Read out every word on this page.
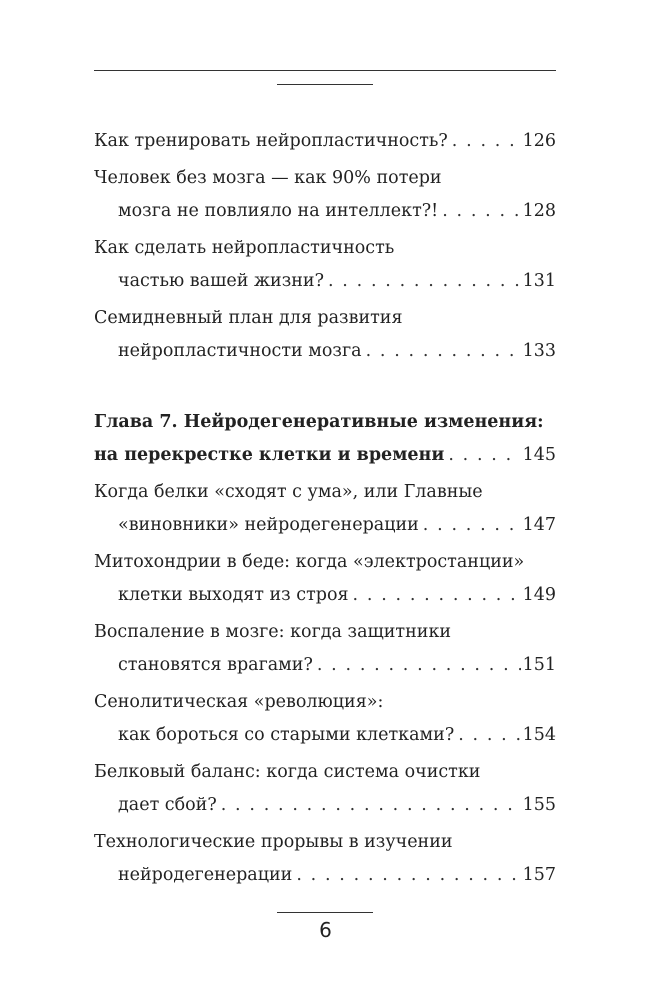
Как тренировать нейропластичность? . . .	126
Человек без мозга — как 90% потери
мозга не повлияло на интеллект?! . . .	128
Как сделать нейропластичность
частью вашей жизни? . . .	131
Семидневный план для развития
нейропластичности мозга . . .	133
Глава 7. Нейродегенеративные изменения:
на перекрестке клетки и времени . . .	145
Когда белки «сходят с ума», или Главные
«виновники» нейродегенерации . . .	147
Митохондрии в беде: когда «электростанции»
клетки выходят из строя . . .	149
Воспаление в мозге: когда защитники
становятся врагами? . . .	151
Сенолитическая «революция»:
как бороться со старыми клетками? . . .	154
Белковый баланс: когда система очистки
дает сбой? . . .	155
Технологические прорывы в изучении
нейродегенерации . . .	157
6
